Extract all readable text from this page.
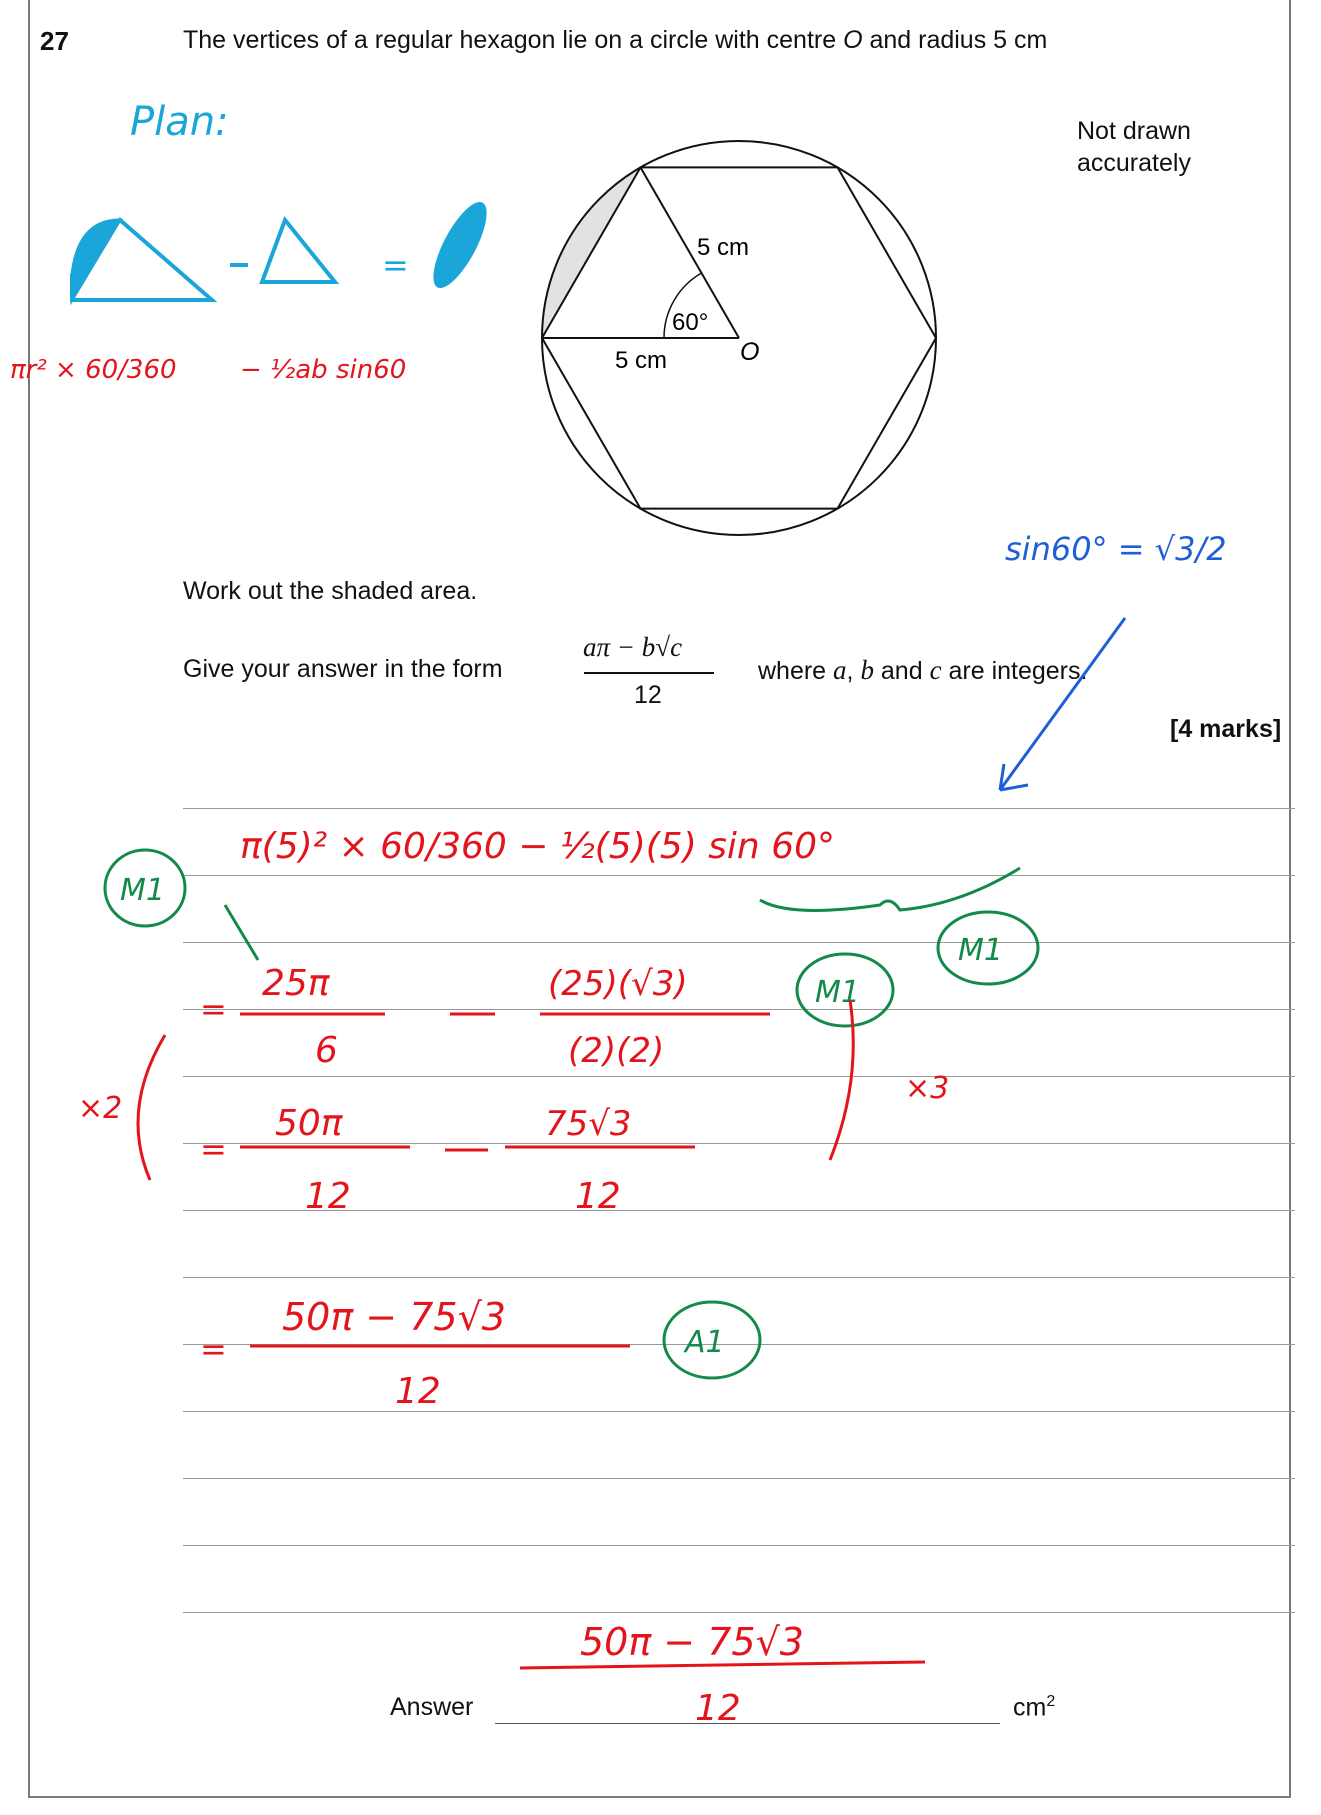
27	The vertices of a regular hexagon lie on a circle with centre O and radius 5 cm
Not drawn
accurately
Work out the shaded area.
Give your answer in the form
aπ − b√c
12
where a, b and c are integers.
[4 marks]
Answer	$cm^2$
5 cm
60°
5 cm	O
Plan:
=
πr² × 60/360 − ½ab sin60
sin60° = √3/2
π(5)² × 60/360 − ½(5)(5) sin 60°
M1
M1
=
25π
6
(25)(√3)
(2)(2)
M1
×3
×2
=
50π
12
75√3
12
=
50π − 75√3
12
A1
50π − 75√3
12
